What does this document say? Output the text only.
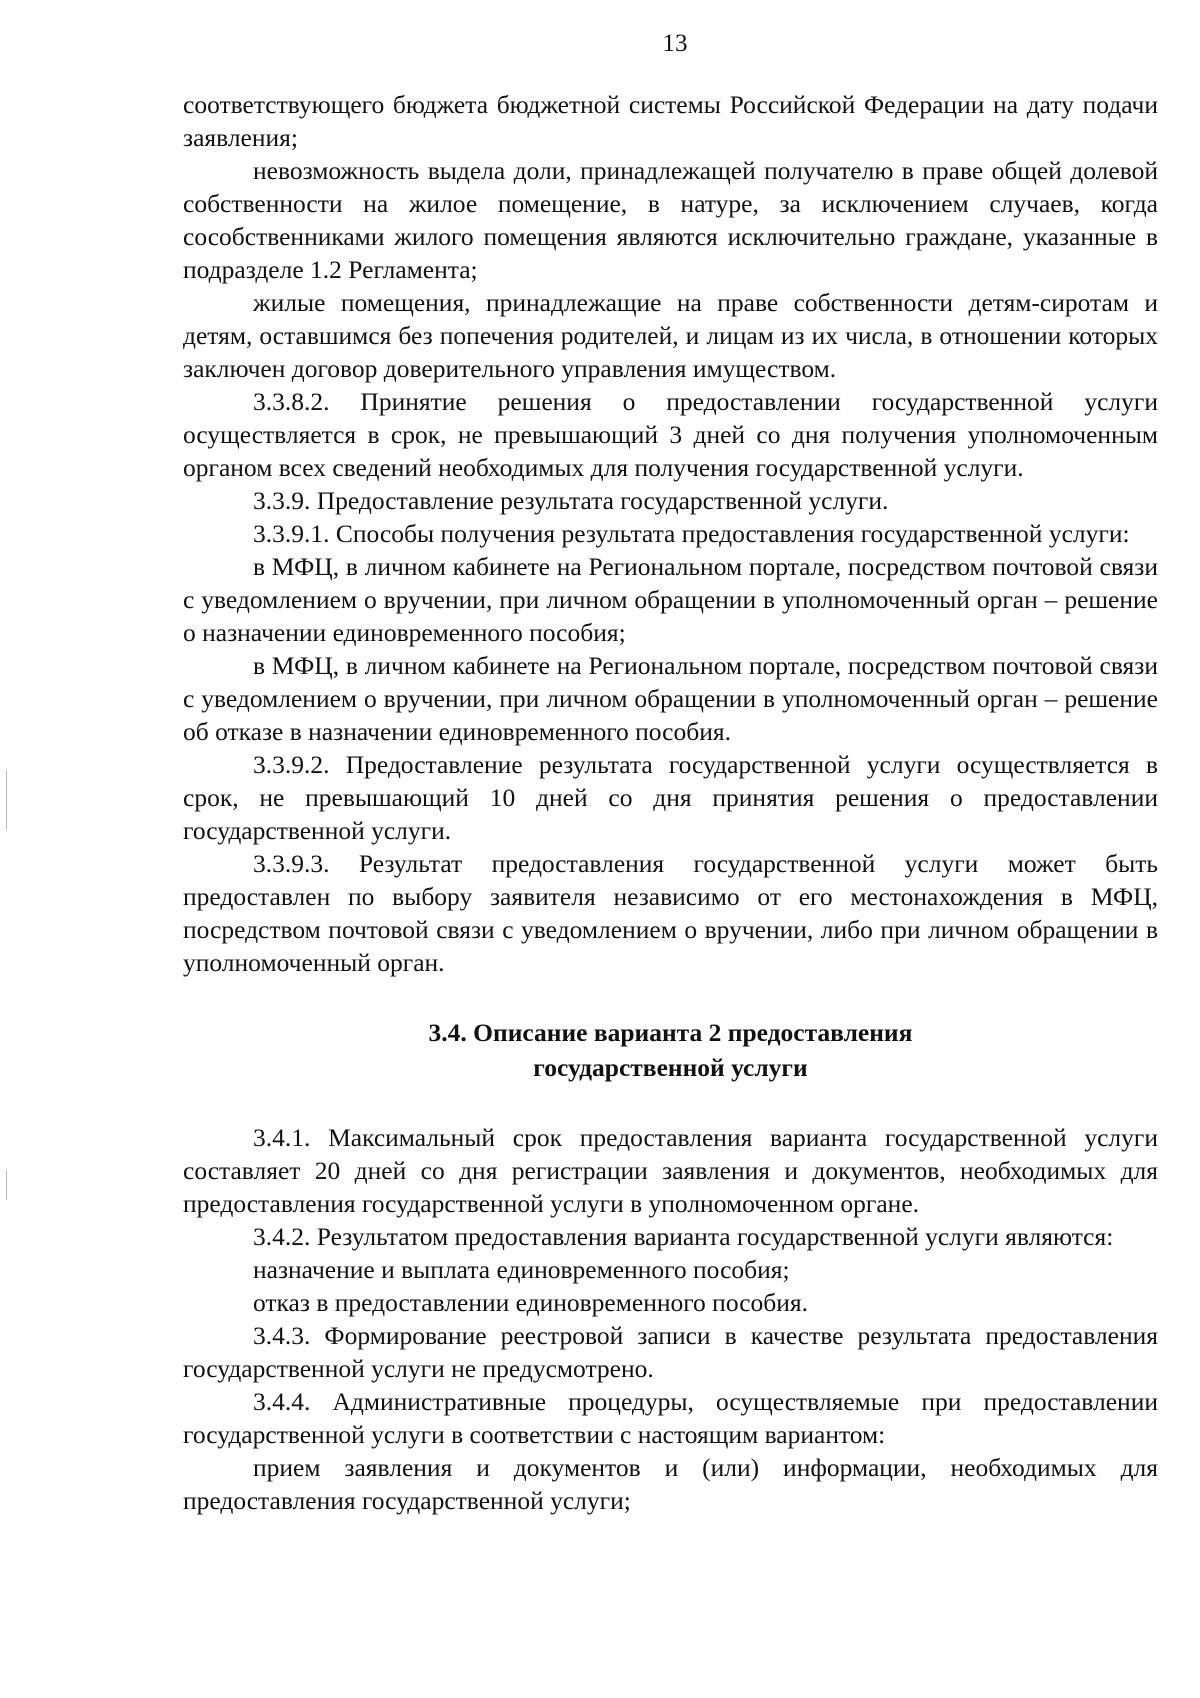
13

соответствующего бюджета бюджетной системы Российской Федерации на дату подачи заявления;

невозможность выдела доли, принадлежащей получателю в праве общей долевой собственности на жилое помещение, в натуре, за исключением случаев, когда сособственниками жилого помещения являются исключительно граждане, указанные в подразделе 1.2 Регламента;

жилые помещения, принадлежащие на праве собственности детям-сиротам и детям, оставшимся без попечения родителей, и лицам из их числа, в отношении которых заключен договор доверительного управления имуществом.

3.3.8.2. Принятие решения о предоставлении государственной услуги осуществляется в срок, не превышающий 3 дней со дня получения уполномоченным органом всех сведений необходимых для получения государственной услуги.

3.3.9. Предоставление результата государственной услуги.

3.3.9.1. Способы получения результата предоставления государственной услуги:

в МФЦ, в личном кабинете на Региональном портале, посредством почтовой связи с уведомлением о вручении, при личном обращении в уполномоченный орган – решение о назначении единовременного пособия;

в МФЦ, в личном кабинете на Региональном портале, посредством почтовой связи с уведомлением о вручении, при личном обращении в уполномоченный орган – решение об отказе в назначении единовременного пособия.

3.3.9.2. Предоставление результата государственной услуги осуществляется в срок, не превышающий 10 дней со дня принятия решения о предоставлении государственной услуги.

3.3.9.3. Результат предоставления государственной услуги может быть предоставлен по выбору заявителя независимо от его местонахождения в МФЦ, посредством почтовой связи с уведомлением о вручении, либо при личном обращении в уполномоченный орган.

3.4. Описание варианта 2 предоставления
государственной услуги

3.4.1. Максимальный срок предоставления варианта государственной услуги составляет 20 дней со дня регистрации заявления и документов, необходимых для предоставления государственной услуги в уполномоченном органе.

3.4.2. Результатом предоставления варианта государственной услуги являются:

назначение и выплата единовременного пособия;

отказ в предоставлении единовременного пособия.

3.4.3. Формирование реестровой записи в качестве результата предоставления государственной услуги не предусмотрено.

3.4.4. Административные процедуры, осуществляемые при предоставлении государственной услуги в соответствии с настоящим вариантом:

прием заявления и документов и (или) информации, необходимых для предоставления государственной услуги;
